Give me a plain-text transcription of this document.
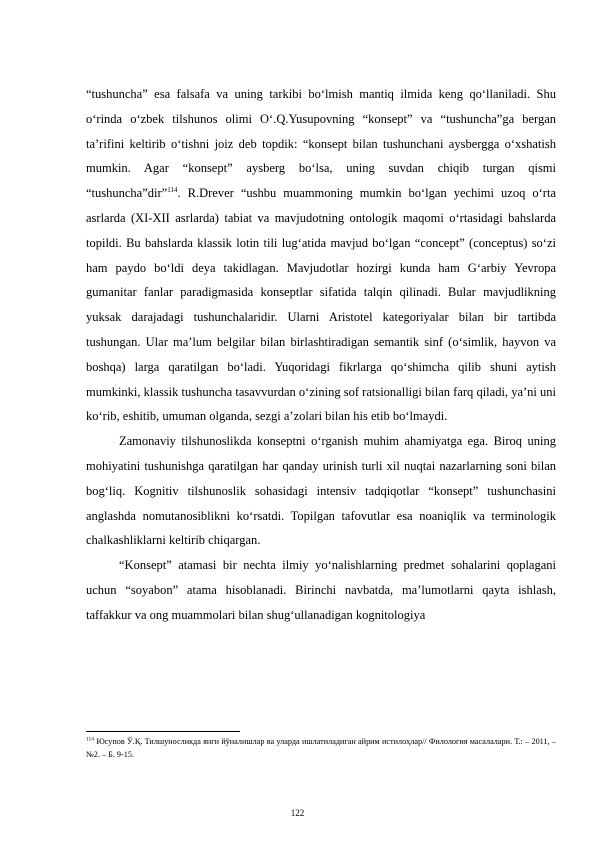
“tushuncha” esa falsafa va uning tarkibi bo‘lmish mantiq ilmida keng qo‘llaniladi. Shu o‘rinda o‘zbek tilshunos olimi O‘.Q.Yusupovning “konsept” va “tushuncha”ga bergan ta’rifini keltirib o‘tishni joiz deb topdik: “konsept bilan tushunchani aysbergga o‘xshatish mumkin. Agar “konsept” aysberg bo‘lsa, uning suvdan chiqib turgan qismi “tushuncha”dir”$^{114}$. R.Drever “ushbu muammoning mumkin bo‘lgan yechimi uzoq o‘rta asrlarda (XI-XII asrlarda) tabiat va mavjudotning ontologik maqomi o‘rtasidagi bahslarda topildi. Bu bahslarda klassik lotin tili lug‘atida mavjud bo‘lgan “concept” (conceptus) so‘zi ham paydo bo‘ldi deya takidlagan. Mavjudotlar hozirgi kunda ham G‘arbiy Yevropa gumanitar fanlar paradigmasida konseptlar sifatida talqin qilinadi. Bular mavjudlikning yuksak darajadagi tushunchalaridir. Ularni Aristotel kategoriyalar bilan bir tartibda tushungan. Ular ma’lum belgilar bilan birlashtiradigan semantik sinf (o‘simlik, hayvon va boshqa) larga qaratilgan bo‘ladi. Yuqoridagi fikrlarga qo‘shimcha qilib shuni aytish mumkinki, klassik tushuncha tasavvurdan o‘zining sof ratsionalligi bilan farq qiladi, ya’ni uni ko‘rib, eshitib, umuman olganda, sezgi a’zolari bilan his etib bo‘lmaydi.

Zamonaviy tilshunoslikda konseptni o‘rganish muhim ahamiyatga ega. Biroq uning mohiyatini tushunishga qaratilgan har qanday urinish turli xil nuqtai nazarlarning soni bilan bog‘liq. Kognitiv tilshunoslik sohasidagi intensiv tadqiqotlar “konsept” tushunchasini anglashda nomutanosiblikni ko‘rsatdi. Topilgan tafovutlar esa noaniqlik va terminologik chalkashliklarni keltirib chiqargan.

“Konsept” atamasi bir nechta ilmiy yo‘nalishlarning predmet sohalarini qoplagani uchun “soyabon” atama hisoblanadi. Birinchi navbatda, ma’lumotlarni qayta ishlash, taffakkur va ong muammolari bilan shug‘ullanadigan kognitologiya

$^{114}$ Юсупов Ў.Қ. Тилшуносликда янги йўналишлар ва уларда ишлатиладиган айрим истилоҳлар// Филология масалалари. Т.: – 2011, –№2. – Б. 9-15.
122
